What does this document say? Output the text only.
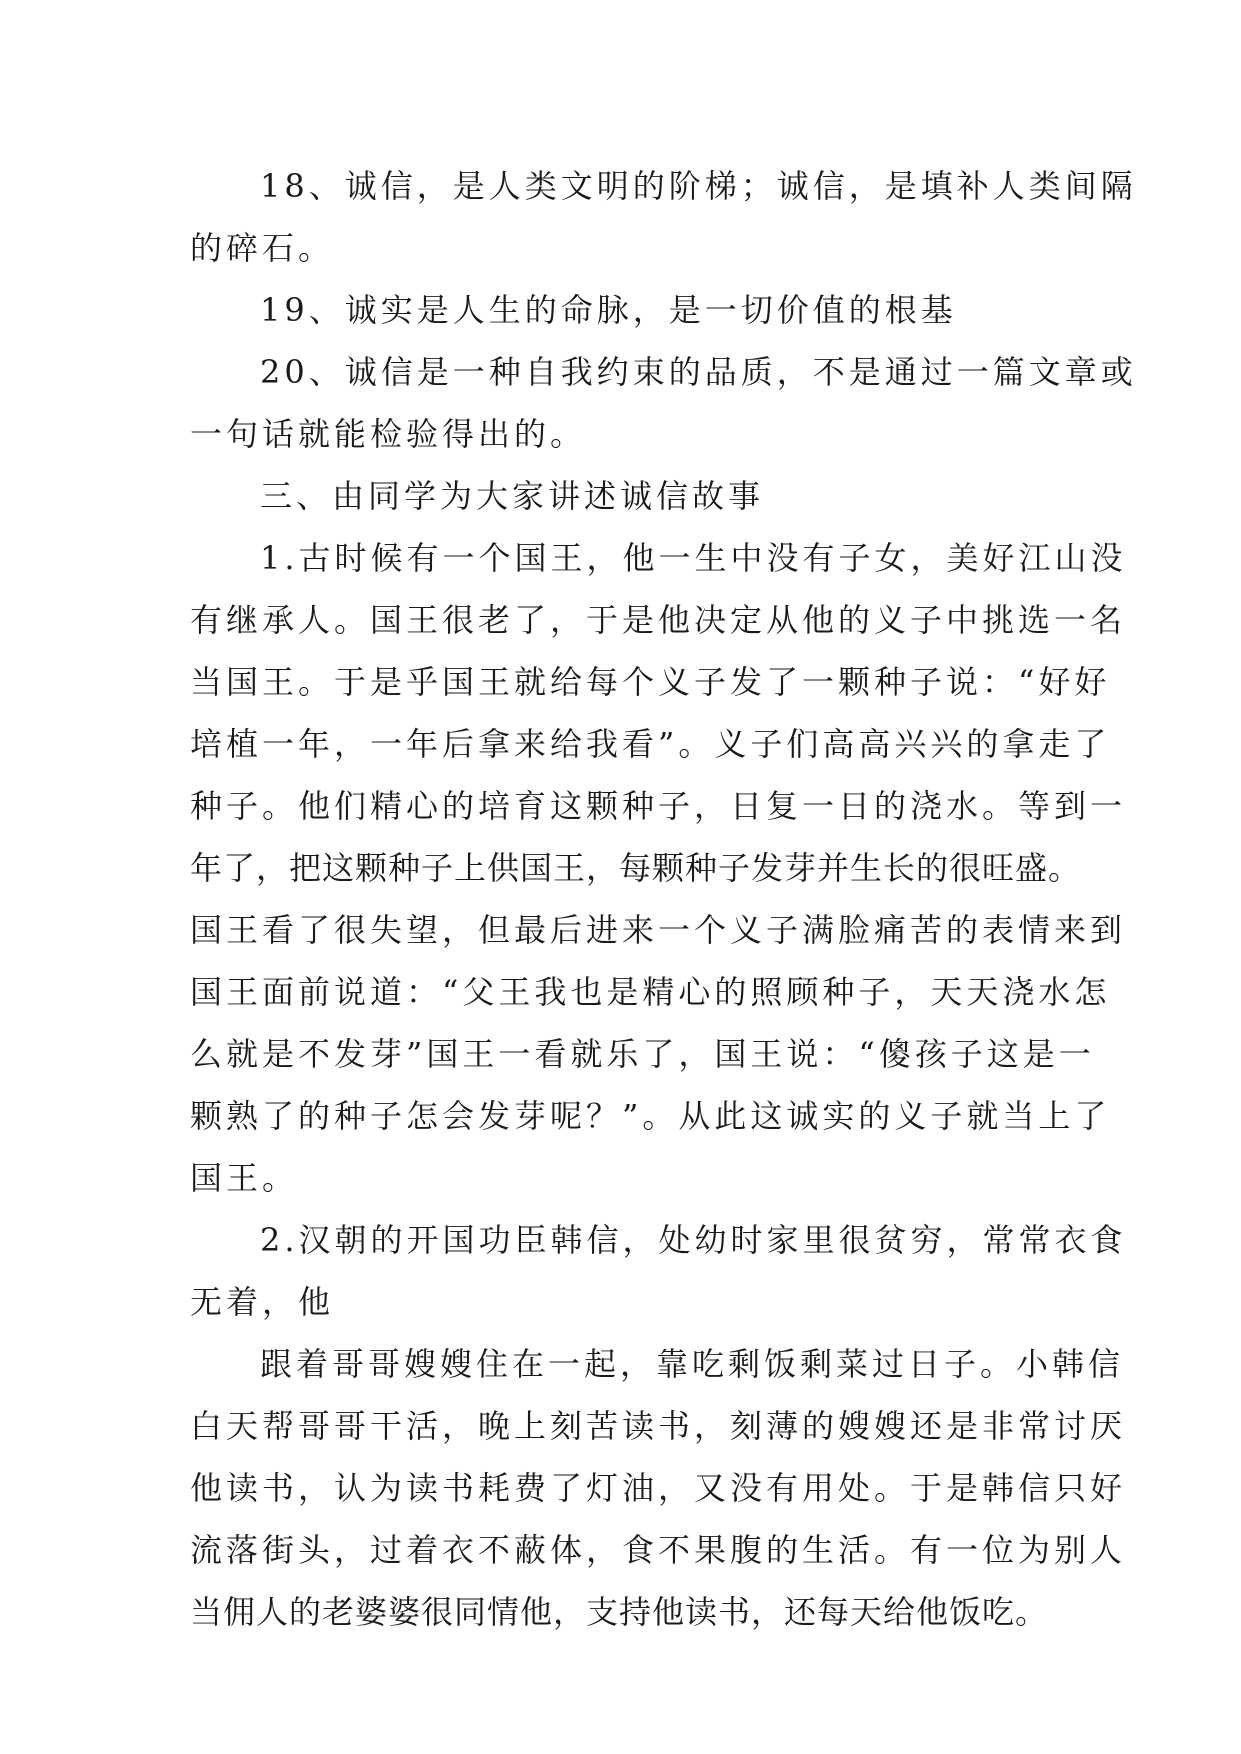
18、诚信，是人类文明的阶梯；诚信，是填补人类间隔
的碎石。
19、诚实是人生的命脉，是一切价值的根基
20、诚信是一种自我约束的品质，不是通过一篇文章或
一句话就能检验得出的。
三、由同学为大家讲述诚信故事
1.古时候有一个国王，他一生中没有子女，美好江山没
有继承人。国王很老了，于是他决定从他的义子中挑选一名
当国王。于是乎国王就给每个义子发了一颗种子说：“好好
培植一年，一年后拿来给我看”。义子们高高兴兴的拿走了
种子。他们精心的培育这颗种子，日复一日的浇水。等到一
年了，把这颗种子上供国王，每颗种子发芽并生长的很旺盛。
国王看了很失望，但最后进来一个义子满脸痛苦的表情来到
国王面前说道：“父王我也是精心的照顾种子，天天浇水怎
么就是不发芽”国王一看就乐了，国王说：“傻孩子这是一
颗熟了的种子怎会发芽呢？”。从此这诚实的义子就当上了
国王。
2.汉朝的开国功臣韩信，处幼时家里很贫穷，常常衣食
无着，他
跟着哥哥嫂嫂住在一起，靠吃剩饭剩菜过日子。小韩信
白天帮哥哥干活，晚上刻苦读书，刻薄的嫂嫂还是非常讨厌
他读书，认为读书耗费了灯油，又没有用处。于是韩信只好
流落街头，过着衣不蔽体，食不果腹的生活。有一位为别人
当佣人的老婆婆很同情他，支持他读书，还每天给他饭吃。
